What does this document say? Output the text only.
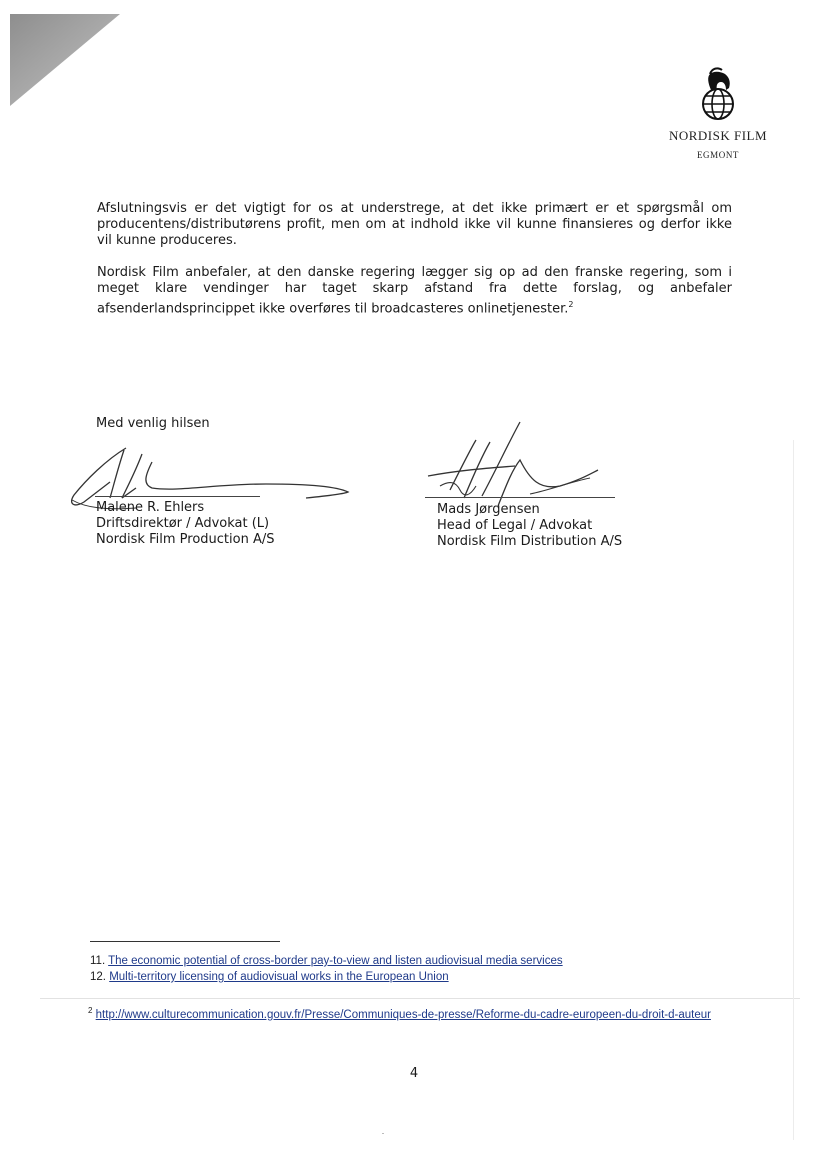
NORDISK FILM
EGMONT
Afslutningsvis er det vigtigt for os at understrege, at det ikke primært er et spørgsmål om producentens/distributørens profit, men om at indhold ikke vil kunne finansieres og derfor ikke vil kunne produceres.
Nordisk Film anbefaler, at den danske regering lægger sig op ad den franske regering, som i meget klare vendinger har taget skarp afstand fra dette forslag, og anbefaler afsenderlandsprincippet ikke overføres til broadcasteres onlinetjenester.$^2$
Med venlig hilsen
Malene R. Ehlers
Driftsdirektør / Advokat (L)
Nordisk Film Production A/S
Mads Jørgensen
Head of Legal / Advokat
Nordisk Film Distribution A/S
11. The economic potential of cross-border pay-to-view and listen audiovisual media services
12. Multi-territory licensing of audiovisual works in the European Union
$^2$ http://www.culturecommunication.gouv.fr/Presse/Communiques-de-presse/Reforme-du-cadre-europeen-du-droit-d-auteur
4
